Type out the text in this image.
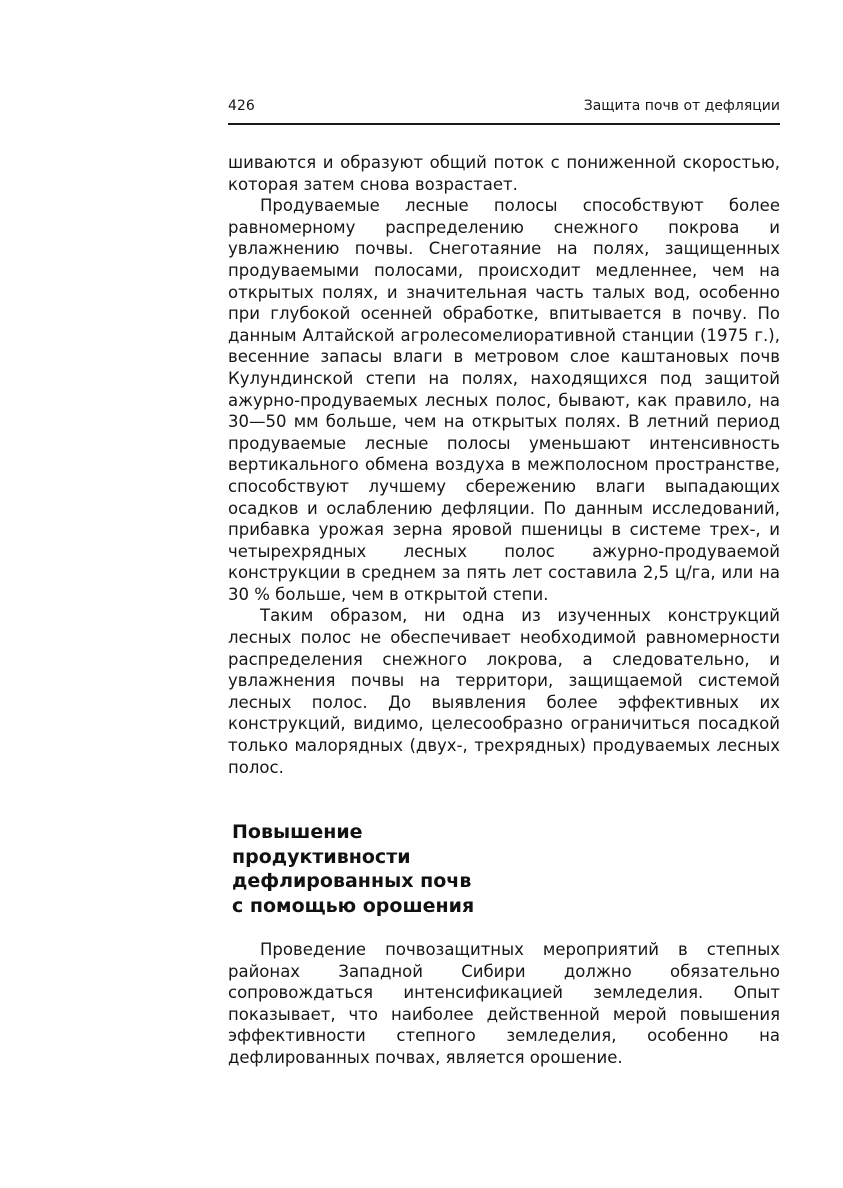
426	Защита почв от дефляции

шиваются и образуют общий поток с пониженной скоростью, которая затем снова возрастает.

Продуваемые лесные полосы способствуют более равномерному распределению снежного покрова и увлажнению почвы. Снеготаяние на полях, защищенных продуваемыми полосами, происходит медленнее, чем на открытых полях, и значительная часть талых вод, особенно при глубокой осенней обработке, впитывается в почву. По данным Алтайской агролесомелиоративной станции (1975 г.), весенние запасы влаги в метровом слое каштановых почв Кулундинской степи на полях, находящихся под защитой ажурно-продуваемых лесных полос, бывают, как правило, на 30—50 мм больше, чем на открытых полях. В летний период продуваемые лесные полосы уменьшают интенсивность вертикального обмена воздуха в межполосном пространстве, способствуют лучшему сбережению влаги выпадающих осадков и ослаблению дефляции. По данным исследований, прибавка урожая зерна яровой пшеницы в системе трех-, и четырехрядных лесных полос ажурно-продуваемой конструкции в среднем за пять лет составила 2,5 ц/га, или на 30 % больше, чем в открытой степи.

Таким образом, ни одна из изученных конструкций лесных полос не обеспечивает необходимой равномерности распределения снежного локрова, а следовательно, и увлажнения почвы на территори, защищаемой системой лесных полос. До выявления более эффективных их конструкций, видимо, целесообразно ограничиться посадкой только малорядных (двух-, трехрядных) продуваемых лесных полос.

Повышение
продуктивности
дефлированных почв
с помощью орошения

Проведение почвозащитных мероприятий в степных районах Западной Сибири должно обязательно сопровождаться интенсификацией земледелия. Опыт показывает, что наиболее действенной мерой повышения эффективности степного земледелия, особенно на дефлированных почвах, является орошение.
